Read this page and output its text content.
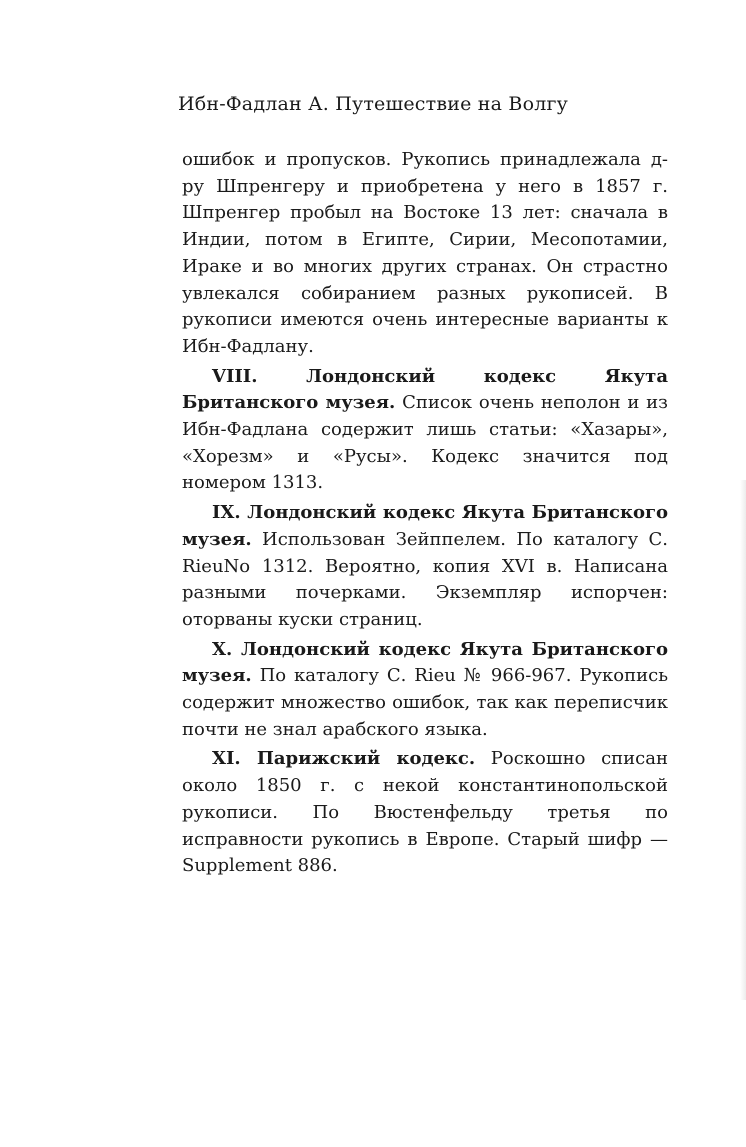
Ибн-Фадлан А. Путешествие на Волгу

ошибок и пропусков. Рукопись принадлежала д-ру Шпренгеру и приобретена у него в 1857 г. Шпренгер пробыл на Востоке 13 лет: сначала в Индии, потом в Египте, Сирии, Месопотамии, Ираке и во многих других странах. Он страстно увлекался собиранием разных рукописей. В рукописи имеются очень интересные варианты к Ибн-Фадлану.

VIII. Лондонский кодекс Якута Британского музея. Список очень неполон и из Ибн-Фадлана содержит лишь статьи: «Хазары», «Хорезм» и «Русы». Кодекс значится под номером 1313.

IX. Лондонский кодекс Якута Британского музея. Использован Зейппелем. По каталогу С. RieuNo 1312. Вероятно, копия XVI в. Написана разными почерками. Экземпляр испорчен: оторваны куски страниц.

X. Лондонский кодекс Якута Британского музея. По каталогу С. Rieu № 966-967. Рукопись содержит множество ошибок, так как переписчик почти не знал арабского языка.

XI. Парижский кодекс. Роскошно списан около 1850 г. с некой константинопольской рукописи. По Вюстенфельду третья по исправности рукопись в Европе. Старый шифр — Supplement 886.
